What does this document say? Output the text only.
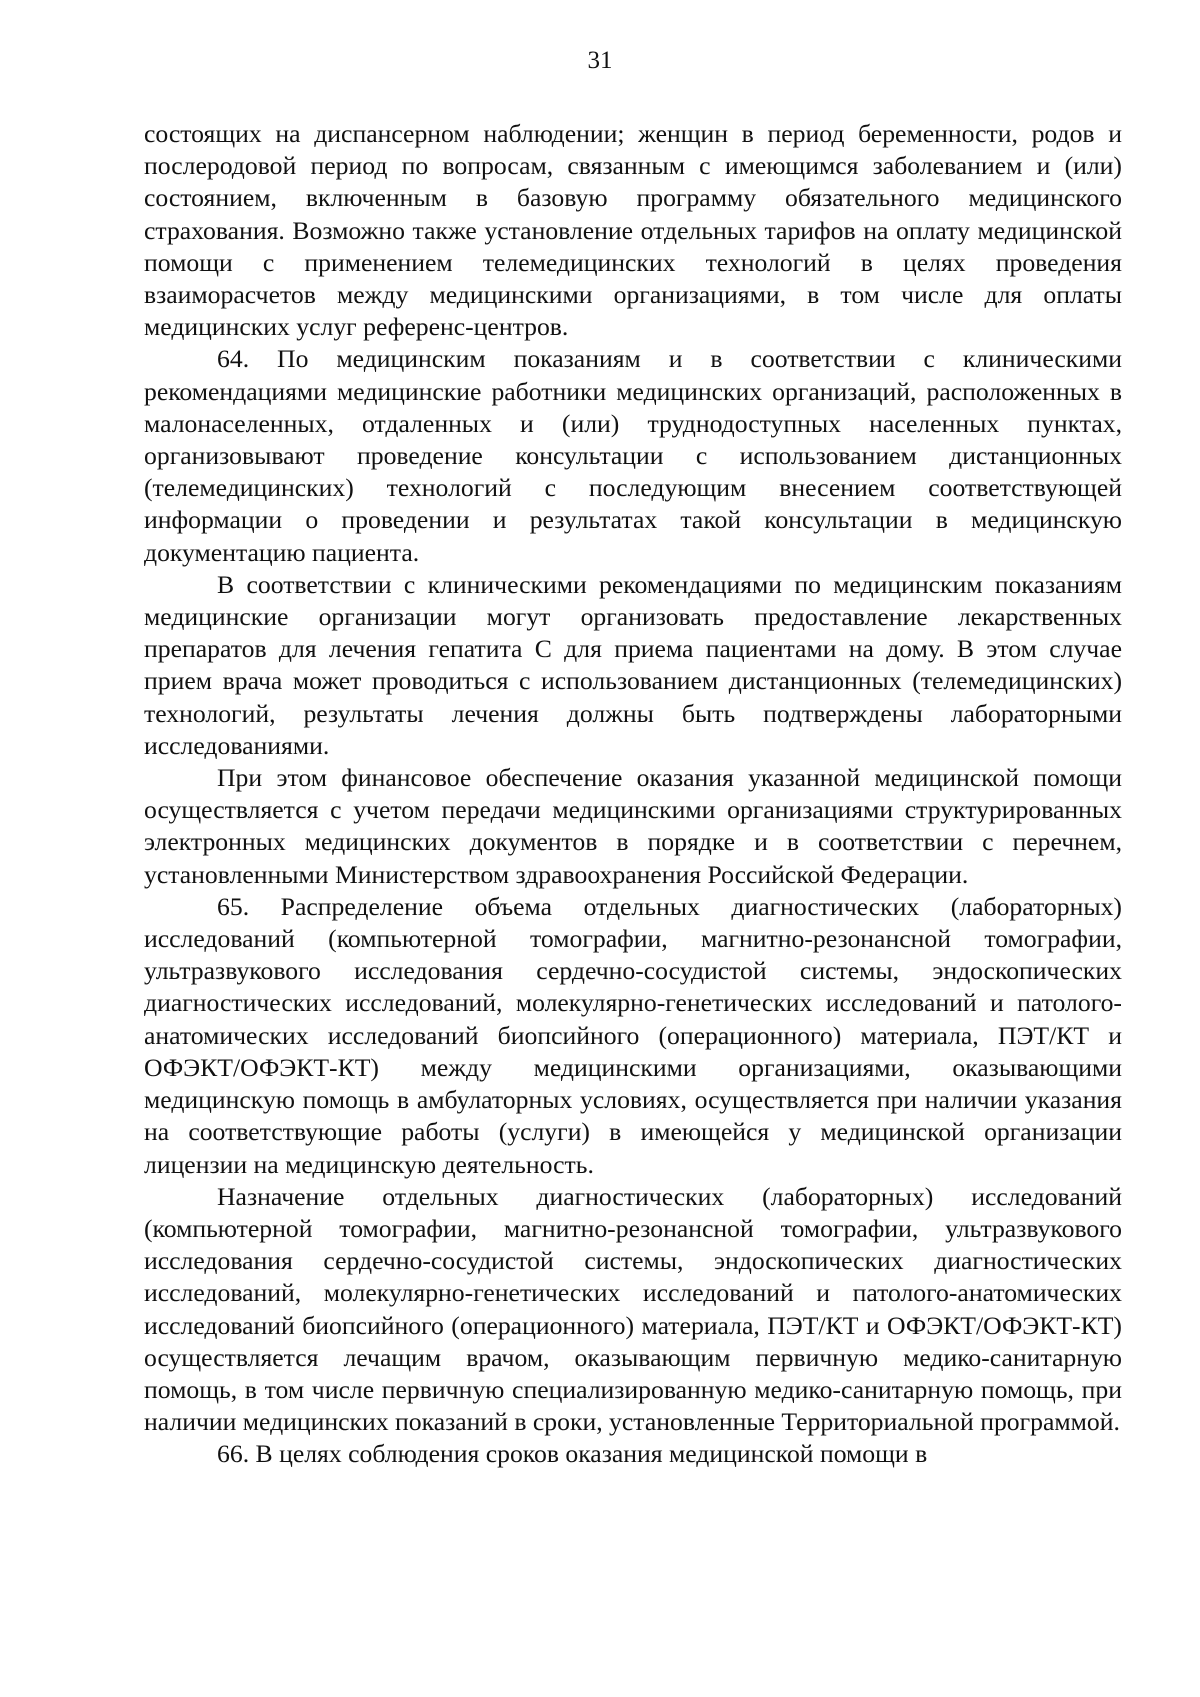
31

состоящих на диспансерном наблюдении; женщин в период беременности, родов и послеродовой период по вопросам, связанным с имеющимся заболеванием и (или) состоянием, включенным в базовую программу обязательного медицинского страхования. Возможно также установление отдельных тарифов на оплату медицинской помощи с применением телемедицинских технологий в целях проведения взаиморасчетов между медицинскими организациями, в том числе для оплаты медицинских услуг референс-центров.

64. По медицинским показаниям и в соответствии с клиническими рекомендациями медицинские работники медицинских организаций, расположенных в малонаселенных, отдаленных и (или) труднодоступных населенных пунктах, организовывают проведение консультации с использованием дистанционных (телемедицинских) технологий с последующим внесением соответствующей информации о проведении и результатах такой консультации в медицинскую документацию пациента.

В соответствии с клиническими рекомендациями по медицинским показаниям медицинские организации могут организовать предоставление лекарственных препаратов для лечения гепатита С для приема пациентами на дому. В этом случае прием врача может проводиться с использованием дистанционных (телемедицинских) технологий, результаты лечения должны быть подтверждены лабораторными исследованиями.

При этом финансовое обеспечение оказания указанной медицинской помощи осуществляется с учетом передачи медицинскими организациями структурированных электронных медицинских документов в порядке и в соответствии с перечнем, установленными Министерством здравоохранения Российской Федерации.

65. Распределение объема отдельных диагностических (лабораторных) исследований (компьютерной томографии, магнитно-резонансной томографии, ультразвукового исследования сердечно-сосудистой системы, эндоскопических диагностических исследований, молекулярно-генетических исследований и патолого-анатомических исследований биопсийного (операционного) материала, ПЭТ/КТ и ОФЭКТ/ОФЭКТ-КТ) между медицинскими организациями, оказывающими медицинскую помощь в амбулаторных условиях, осуществляется при наличии указания на соответствующие работы (услуги) в имеющейся у медицинской организации лицензии на медицинскую деятельность.

Назначение отдельных диагностических (лабораторных) исследований (компьютерной томографии, магнитно-резонансной томографии, ультразвукового исследования сердечно-сосудистой системы, эндоскопических диагностических исследований, молекулярно-генетических исследований и патолого-анатомических исследований биопсийного (операционного) материала, ПЭТ/КТ и ОФЭКТ/ОФЭКТ-КТ) осуществляется лечащим врачом, оказывающим первичную медико-санитарную помощь, в том числе первичную специализированную медико-санитарную помощь, при наличии медицинских показаний в сроки, установленные Территориальной программой.

66. В целях соблюдения сроков оказания медицинской помощи в
